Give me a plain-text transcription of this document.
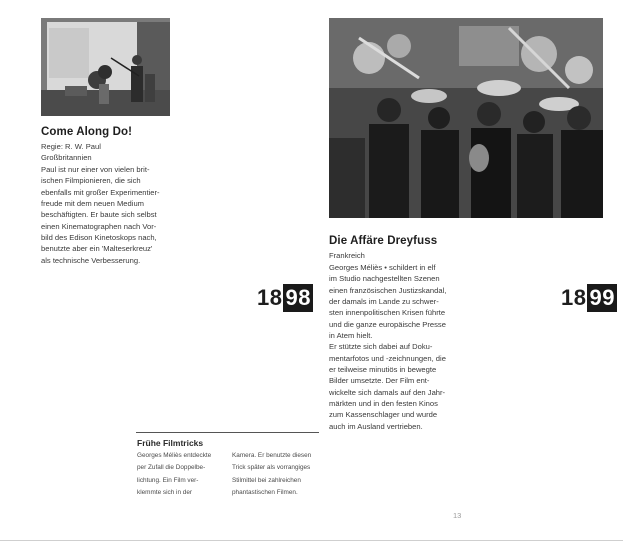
Come Along Do!
Regie: R. W. Paul
Großbritannien
Paul ist nur einer von vielen brit-
ischen Filmpionieren, die sich
ebenfalls mit großer Experimentier-
freude mit dem neuen Medium
beschäftigten. Er baute sich selbst
einen Kinematographen nach Vor-
bild des Edison Kinetoskops nach,
benutzte aber ein 'Malteserkreuz'
als technische Verbesserung.
18 98
Die Affäre Dreyfuss
Frankreich
Georges Méliès • schildert in elf
im Studio nachgestellten Szenen
einen französischen Justizskandal,
der damals im Lande zu schwer-
sten innenpolitischen Krisen führte
und die ganze europäische Presse
in Atem hielt.
Er stützte sich dabei auf Doku-
mentarfotos und -zeichnungen, die
er teilweise minutiös in bewegte
Bilder umsetzte. Der Film ent-
wickelte sich damals auf den Jahr-
märkten und in den festen Kinos
zum Kassenschlager und wurde
auch im Ausland vertrieben.
18 99
Frühe Filmtricks
Georges Méliès entdeckte
per Zufall die Doppelbe-
lichtung. Ein Film ver-
klemmte sich in der
Kamera. Er benutzte diesen
Trick später als vorrangiges
Stilmittel bei zahlreichen
phantastischen Filmen.
13
